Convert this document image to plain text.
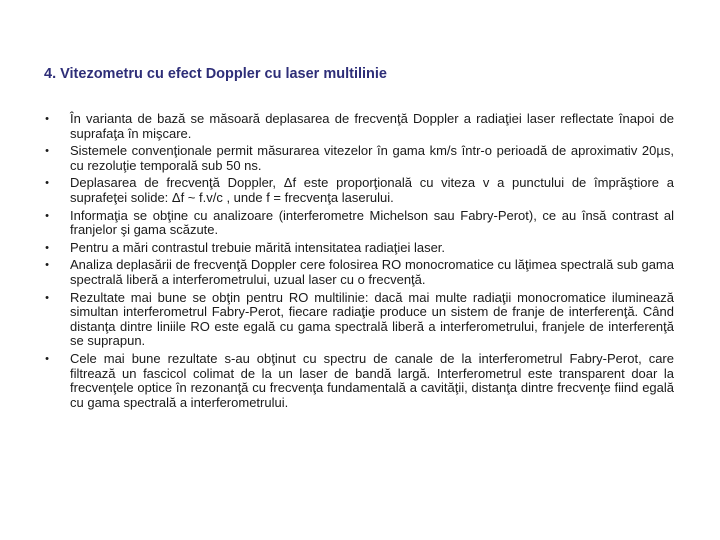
4. Vitezometru cu efect Doppler cu laser multilinie
•	În varianta de bază se măsoară deplasarea de frecvenţă Doppler a radiaţiei laser reflectate înapoi de suprafaţa în mişcare.
•	Sistemele convenţionale permit măsurarea vitezelor în gama km/s într-o perioadă de aproximativ 20µs, cu rezoluţie temporală sub 50 ns.
•	Deplasarea de frecvenţă Doppler, Δf este proporţională cu viteza v a punctului de împrăştiore a suprafeţei solide: Δf ~ f.v/c , unde f = frecvenţa laserului.
•	Informaţia se obţine cu analizoare (interferometre Michelson sau Fabry-Perot), ce au însă contrast al franjelor şi gama scăzute.
•	Pentru a mări contrastul trebuie mărită intensitatea radiaţiei laser.
•	Analiza deplasării de frecvenţă Doppler cere folosirea RO monocromatice cu lăţimea spectrală sub gama spectrală liberă a interferometrului, uzual laser cu o frecvenţă.
•	Rezultate mai bune se obţin pentru RO multilinie: dacă mai multe radiaţii monocromatice iluminează simultan interferometrul Fabry-Perot, fiecare radiaţie produce un sistem de franje de interferenţă. Când distanţa dintre liniile RO este egală cu gama spectrală liberă a interferometrului, franjele de interferenţă se suprapun.
•	Cele mai bune rezultate s-au obţinut cu spectru de canale de la interferometrul Fabry-Perot, care filtrează un fascicol colimat de la un laser de bandă largă. Interferometrul este transparent doar la frecvenţele optice în rezonanţă cu frecvenţa fundamentală a cavităţii, distanţa dintre frecvenţe fiind egală cu gama spectrală a interferometrului.
